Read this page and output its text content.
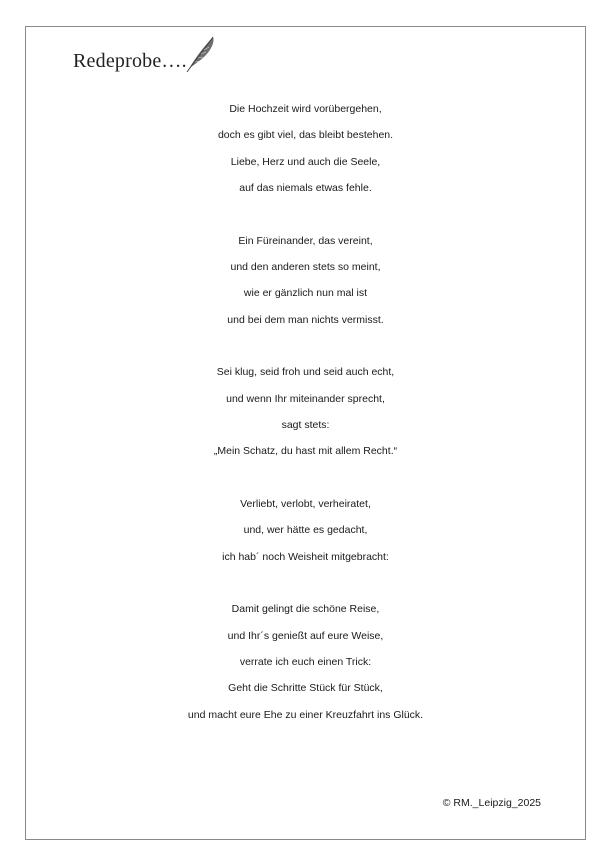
Redeprobe….
Die Hochzeit wird vorübergehen,
doch es gibt viel, das bleibt bestehen.
Liebe, Herz und auch die Seele,
auf das niemals etwas fehle.
Ein Füreinander, das vereint,
und den anderen stets so meint,
wie er gänzlich nun mal ist
und bei dem man nichts vermisst.
Sei klug, seid froh und seid auch echt,
und wenn Ihr miteinander sprecht,
sagt stets:
„Mein Schatz, du hast mit allem Recht.“
Verliebt, verlobt, verheiratet,
und, wer hätte es gedacht,
ich hab´ noch Weisheit mitgebracht:
Damit gelingt die schöne Reise,
und Ihr´s genießt auf eure Weise,
verrate ich euch einen Trick:
Geht die Schritte Stück für Stück,
und macht eure Ehe zu einer Kreuzfahrt ins Glück.
© RM._Leipzig_2025
